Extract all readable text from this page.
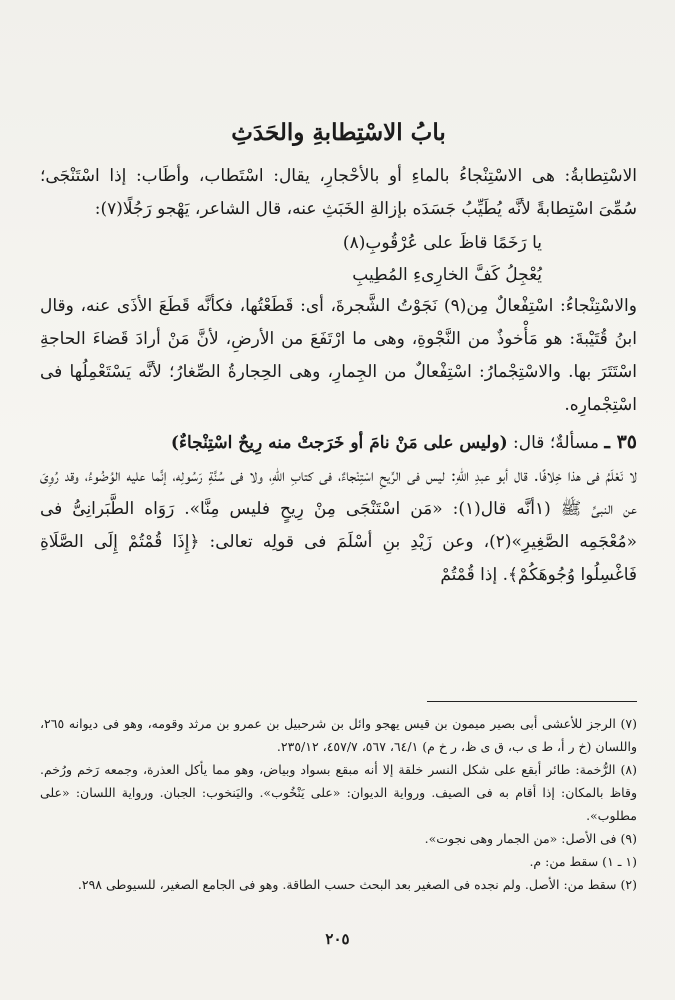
بابُ الاسْتِطابةِ والحَدَثِ

الاسْتِطابةُ: هى الاسْتِنْجاءُ بالماءِ أو بالأحْجارِ، يقال: اسْتَطاب، وأطَاب: إذا اسْتَنْجَى؛ سُمِّىَ اسْتِطابةً لأنَّه يُطَيِّبُ جَسَدَه بإزالةِ الخَبَثِ عنه، قال الشاعر، يَهْجو رَجُلًا(٧):

يا رَخَمًا قاظَ على عُرْقُوبِ(٨)

يُعْجِلُ كَفَّ الخارِىءِ المُطِيبِ

والاسْتِنْجاءُ: اسْتِفْعالٌ مِن(٩) نَجَوْتُ الشَّجرةَ، أى: قَطَعْتُها، فكأنَّه قَطَعَ الأذَى عنه، وقال ابنُ قُتَيْبةَ: هو مَأْخوذٌ من النَّجْوةِ، وهى ما ارْتَفَعَ من الأرضِ، لأنَّ مَنْ أرادَ قَضاءَ الحاجةِ اسْتَتَرَ بها. والاسْتِجْمارُ: اسْتِفْعالٌ من الجِمارِ، وهى الحِجارةُ الصِّغارُ؛ لأنَّه يَسْتَعْمِلُها فى اسْتِجْمارِه.

٣٥ ـ مسألةٌ؛ قال: (وليس على مَنْ نامَ أو خَرَجتْ منه رِيحٌ اسْتِنْجاءٌ)

لا نَعْلَمُ فى هذا خِلافًا. قال أبو عبدِ اللهِ: ليس فى الرِّيحِ اسْتِنْجاءٌ، فى كتابِ اللهِ، ولا فى سُنَّةِ رَسُولِه، إنَّما عليه الوُضُوءُ، وقد رُوِىَ عن النبىِّ ﷺ (١أنَّه قال(١): «مَن اسْتَنْجَى مِنْ رِيحٍ فليس مِنَّا». رَوَاه الطَّبَرانِىُّ فى «مُعْجَمِه الصَّغِيرِ»(٢)، وعن زَيْدِ بنِ أسْلَمَ فى قولِه تعالى: ﴿إِذَا قُمْتُمْ إِلَى الصَّلَاةِ فَاغْسِلُوا وُجُوهَكُمْ﴾. إذا قُمْتُمْ

(٧) الرجز للأعشى أبى بصير ميمون بن قيس يهجو وائل بن شرحبيل بن عمرو بن مرثد وقومه، وهو فى ديوانه ٢٦٥، واللسان (خ ر أ، ط ى ب، ق ى ظ، ر خ م) ٦٤/١، ٥٦٧، ٤٥٧/٧، ٢٣٥/١٢.

(٨) الرُّخمة: طائر أبقع على شكل النسر خلقة إلا أنه مبقع بسواد وبياض، وهو مما يأكل العذرة، وجمعه رَخم ورُخم. وقاظ بالمكان: إذا أقام به فى الصيف. ورواية الديوان: «على يَنْخُوب». واليَنخوب: الجبان. ورواية اللسان: «على مطلوب».

(٩) فى الأصل: «من الجمار وهى نجوت».

(١ ـ ١) سقط من: م.

(٢) سقط من: الأصل. ولم نجده فى الصغير بعد البحث حسب الطاقة. وهو فى الجامع الصغير، للسيوطى ٢٩٨.

٢٠٥
